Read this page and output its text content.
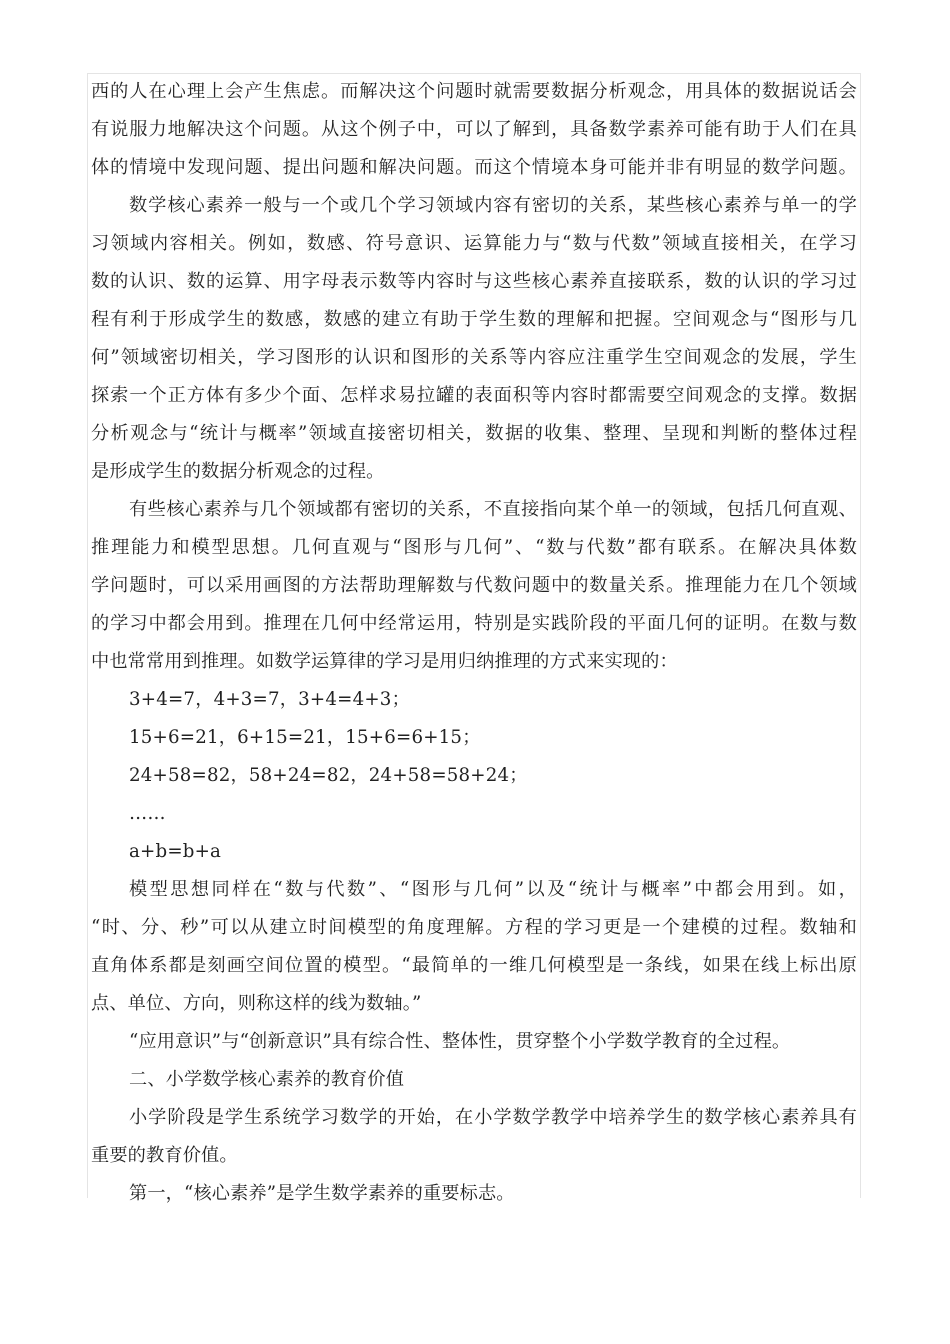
西的人在心理上会产生焦虑。而解决这个问题时就需要数据分析观念，用具体的数据说话会
有说服力地解决这个问题。从这个例子中，可以了解到，具备数学素养可能有助于人们在具
体的情境中发现问题、提出问题和解决问题。而这个情境本身可能并非有明显的数学问题。
数学核心素养一般与一个或几个学习领域内容有密切的关系，某些核心素养与单一的学
习领域内容相关。例如，数感、符号意识、运算能力与“数与代数”领域直接相关，在学习
数的认识、数的运算、用字母表示数等内容时与这些核心素养直接联系，数的认识的学习过
程有利于形成学生的数感，数感的建立有助于学生数的理解和把握。空间观念与“图形与几
何”领域密切相关，学习图形的认识和图形的关系等内容应注重学生空间观念的发展，学生
探索一个正方体有多少个面、怎样求易拉罐的表面积等内容时都需要空间观念的支撑。数据
分析观念与“统计与概率”领域直接密切相关，数据的收集、整理、呈现和判断的整体过程
是形成学生的数据分析观念的过程。
有些核心素养与几个领域都有密切的关系，不直接指向某个单一的领域，包括几何直观、
推理能力和模型思想。几何直观与“图形与几何”、“数与代数”都有联系。在解决具体数
学问题时，可以采用画图的方法帮助理解数与代数问题中的数量关系。推理能力在几个领域
的学习中都会用到。推理在几何中经常运用，特别是实践阶段的平面几何的证明。在数与数
中也常常用到推理。如数学运算律的学习是用归纳推理的方式来实现的：
3+4=7，4+3=7，3+4=4+3；
15+6=21，6+15=21，15+6=6+15；
24+58=82，58+24=82，24+58=58+24；
……
a+b=b+a
模型思想同样在“数与代数”、“图形与几何”以及“统计与概率”中都会用到。如，
“时、分、秒”可以从建立时间模型的角度理解。方程的学习更是一个建模的过程。数轴和
直角体系都是刻画空间位置的模型。“最简单的一维几何模型是一条线，如果在线上标出原
点、单位、方向，则称这样的线为数轴。”
“应用意识”与“创新意识”具有综合性、整体性，贯穿整个小学数学教育的全过程。
二、小学数学核心素养的教育价值
小学阶段是学生系统学习数学的开始，在小学数学教学中培养学生的数学核心素养具有
重要的教育价值。
第一，“核心素养”是学生数学素养的重要标志。
